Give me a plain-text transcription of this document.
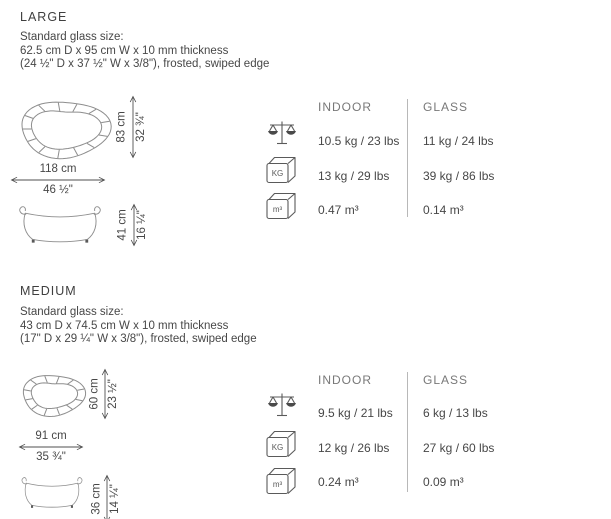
LARGE
Standard glass size:
62.5 cm D x 95 cm W x 10 mm thickness
(24 ½" D x 37 ½" W x 3/8"), frosted, swiped edge
83 cm 32 ¾"
118 cm
46 ½"
41 cm 16 ¼"
INDOOR	GLASS
10.5 kg / 23 lbs 11 kg / 24 lbs
KG	13 kg / 29 lbs	39 kg / 86 lbs
m³	0.47 m³	0.14 m³
MEDIUM
Standard glass size:
43 cm D x 74.5 cm W x 10 mm thickness
(17" D x 29 ¼" W x 3/8"), frosted, swiped edge
60 cm 23 ½"
91 cm
35 ¾"
36 cm 14 ¼"
INDOOR	GLASS
9.5 kg / 21 lbs	6 kg / 13 lbs
KG	12 kg / 26 lbs	27 kg / 60 lbs
m³	0.24 m³	0.09 m³
